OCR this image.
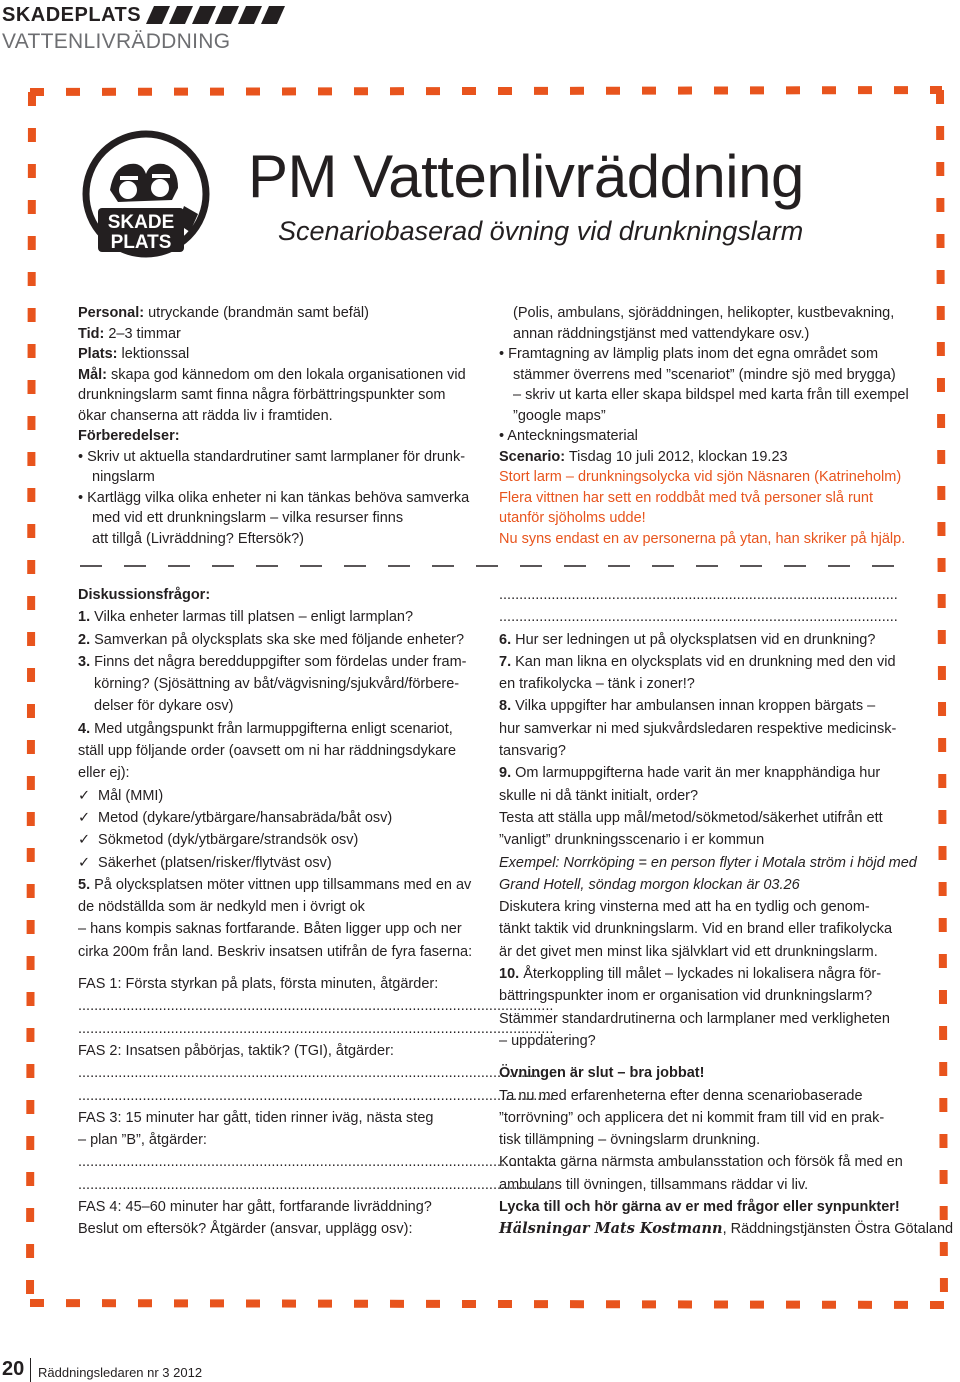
SKADEPLATS
VATTENLIVRÄDDNING
SKADE
PLATS
PM Vattenlivräddning
Scenariobaserad övning vid drunkningslarm
Personal: utryckande (brandmän samt befäl)
Tid: 2–3 timmar
Plats: lektionssal
Mål: skapa god kännedom om den lokala organisationen vid
drunkningslarm samt finna några förbättringspunkter som
ökar chanserna att rädda liv i framtiden.
Förberedelser:
• Skriv ut aktuella standardrutiner samt larmplaner för drunk-
ningslarm
• Kartlägg vilka olika enheter ni kan tänkas behöva samverka
med vid ett drunkningslarm – vilka resurser finns
att tillgå (Livräddning? Eftersök?)
(Polis, ambulans, sjöräddningen, helikopter, kustbevakning,
annan räddningstjänst med vattendykare osv.)
• Framtagning av lämplig plats inom det egna området som
stämmer överrens med ”scenariot” (mindre sjö med brygga)
– skriv ut karta eller skapa bildspel med karta från till exempel
”google maps”
• Anteckningsmaterial
Scenario: Tisdag 10 juli 2012, klockan 19.23
Stort larm – drunkningsolycka vid sjön Näsnaren (Katrineholm)
Flera vittnen har sett en roddbåt med två personer slå runt
utanför sjöholms udde!
Nu syns endast en av personerna på ytan, han skriker på hjälp.
Diskussionsfrågor:
1. Vilka enheter larmas till platsen – enligt larmplan?
2. Samverkan på olycksplats ska ske med följande enheter?
3. Finns det några beredduppgifter som fördelas under fram-
körning? (Sjösättning av båt/vägvisning/sjukvård/förbere-
delser för dykare osv)
4. Med utgångspunkt från larmuppgifterna enligt scenariot,
ställ upp följande order (oavsett om ni har räddningsdykare
eller ej):
✓ Mål (MMI)
✓ Metod (dykare/ytbärgare/hansabräda/båt osv)
✓ Sökmetod (dyk/ytbärgare/strandsök osv)
✓ Säkerhet (platsen/risker/flytväst osv)
5. På olycksplatsen möter vittnen upp tillsammans med en av
de nödställda som är nedkyld men i övrigt ok
– hans kompis saknas fortfarande. Båten ligger upp och ner
cirka 200m från land. Beskriv insatsen utifrån de fyra faserna:
FAS 1: Första styrkan på plats, första minuten, åtgärder:
......................................................................................................................
......................................................................................................................
FAS 2: Insatsen påbörjas, taktik? (TGI), åtgärder:
......................................................................................................................
......................................................................................................................
FAS 3: 15 minuter har gått, tiden rinner iväg, nästa steg
– plan ”B”, åtgärder:
......................................................................................................................
......................................................................................................................
FAS 4: 45–60 minuter har gått, fortfarande livräddning?
Beslut om eftersök? Åtgärder (ansvar, upplägg osv):
...................................................................................................
...................................................................................................
6. Hur ser ledningen ut på olycksplatsen vid en drunkning?
7. Kan man likna en olycksplats vid en drunkning med den vid
en trafikolycka – tänk i zoner!?
8. Vilka uppgifter har ambulansen innan kroppen bärgats –
hur samverkar ni med sjukvårdsledaren respektive medicinsk-
tansvarig?
9. Om larmuppgifterna hade varit än mer knapphändiga hur
skulle ni då tänkt initialt, order?
Testa att ställa upp mål/metod/sökmetod/säkerhet utifrån ett
”vanligt” drunkningsscenario i er kommun
Exempel: Norrköping = en person flyter i Motala ström i höjd med
Grand Hotell, söndag morgon klockan är 03.26
Diskutera kring vinsterna med att ha en tydlig och genom-
tänkt taktik vid drunkningslarm. Vid en brand eller trafikolycka
är det givet men minst lika självklart vid ett drunkningslarm.
10. Återkoppling till målet – lyckades ni lokalisera några för-
bättringspunkter inom er organisation vid drunkningslarm?
Stämmer standardrutinerna och larmplaner med verkligheten
– uppdatering?
Övningen är slut – bra jobbat!
Ta nu med erfarenheterna efter denna scenariobaserade
”torrövning” och applicera det ni kommit fram till vid en prak-
tisk tillämpning – övningslarm drunkning.
Kontakta gärna närmsta ambulansstation och försök få med en
ambulans till övningen, tillsammans räddar vi liv.
Lycka till och hör gärna av er med frågor eller synpunkter!
Hälsningar Mats Kostmann, Räddningstjänsten Östra Götaland
20 Räddningsledaren nr 3 2012
